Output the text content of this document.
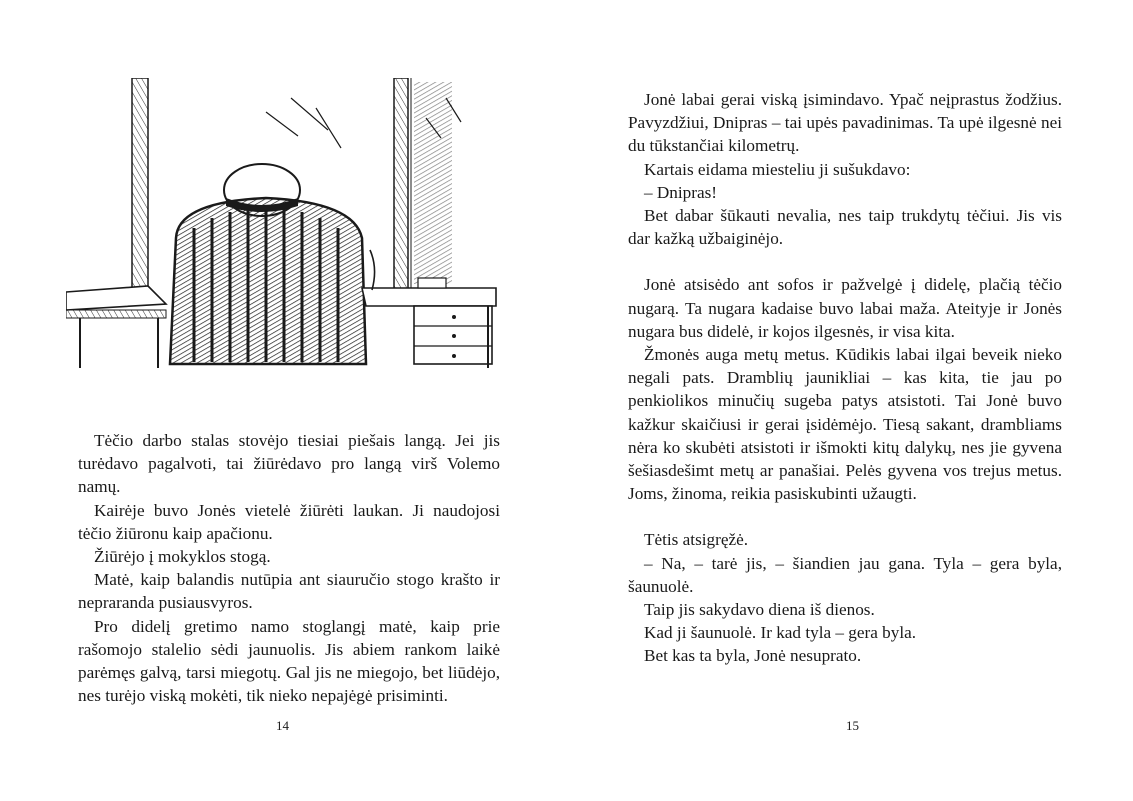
Tėčio darbo stalas stovėjo tiesiai piešais langą. Jei jis turėdavo pagalvoti, tai žiūrėdavo pro langą virš Volemo namų.

Kairėje buvo Jonės vietelė žiūrėti laukan. Ji naudojosi tėčio žiūronu kaip apačionu.

Žiūrėjo į mokyklos stogą.

Matė, kaip balandis nutūpia ant siauručio stogo krašto ir nepraranda pusiausvyros.

Pro didelį gretimo namo stoglangį matė, kaip prie rašomojo stalelio sėdi jaunuolis. Jis abiem rankom laikė parėmęs galvą, tarsi miegotų. Gal jis ne miegojo, bet liūdėjo, nes turėjo viską mokėti, tik nieko nepajėgė prisiminti.

14

Jonė labai gerai viską įsimindavo. Ypač neįprastus žodžius. Pavyzdžiui, Dnipras – tai upės pavadinimas. Ta upė ilgesnė nei du tūkstančiai kilometrų.

Kartais eidama miesteliu ji sušukdavo:

– Dnipras!

Bet dabar šūkauti nevalia, nes taip trukdytų tėčiui. Jis vis dar kažką užbaiginėjo.

Jonė atsisėdo ant sofos ir pažvelgė į didelę, plačią tėčio nugarą. Ta nugara kadaise buvo labai maža. Ateityje ir Jonės nugara bus didelė, ir kojos ilgesnės, ir visa kita.

Žmonės auga metų metus. Kūdikis labai ilgai beveik nieko negali pats. Dramblių jaunikliai – kas kita, tie jau po penkiolikos minučių sugeba patys atsistoti. Tai Jonė buvo kažkur skaičiusi ir gerai įsidėmėjo. Tiesą sakant, drambliams nėra ko skubėti atsistoti ir išmokti kitų dalykų, nes jie gyvena šešiasdešimt metų ar panašiai. Pelės gyvena vos trejus metus. Joms, žinoma, reikia pasiskubinti užaugti.

Tėtis atsigręžė.

– Na, – tarė jis, – šiandien jau gana. Tyla – gera byla, šaunuolė.

Taip jis sakydavo diena iš dienos.

Kad ji šaunuolė. Ir kad tyla – gera byla.

Bet kas ta byla, Jonė nesuprato.

15
